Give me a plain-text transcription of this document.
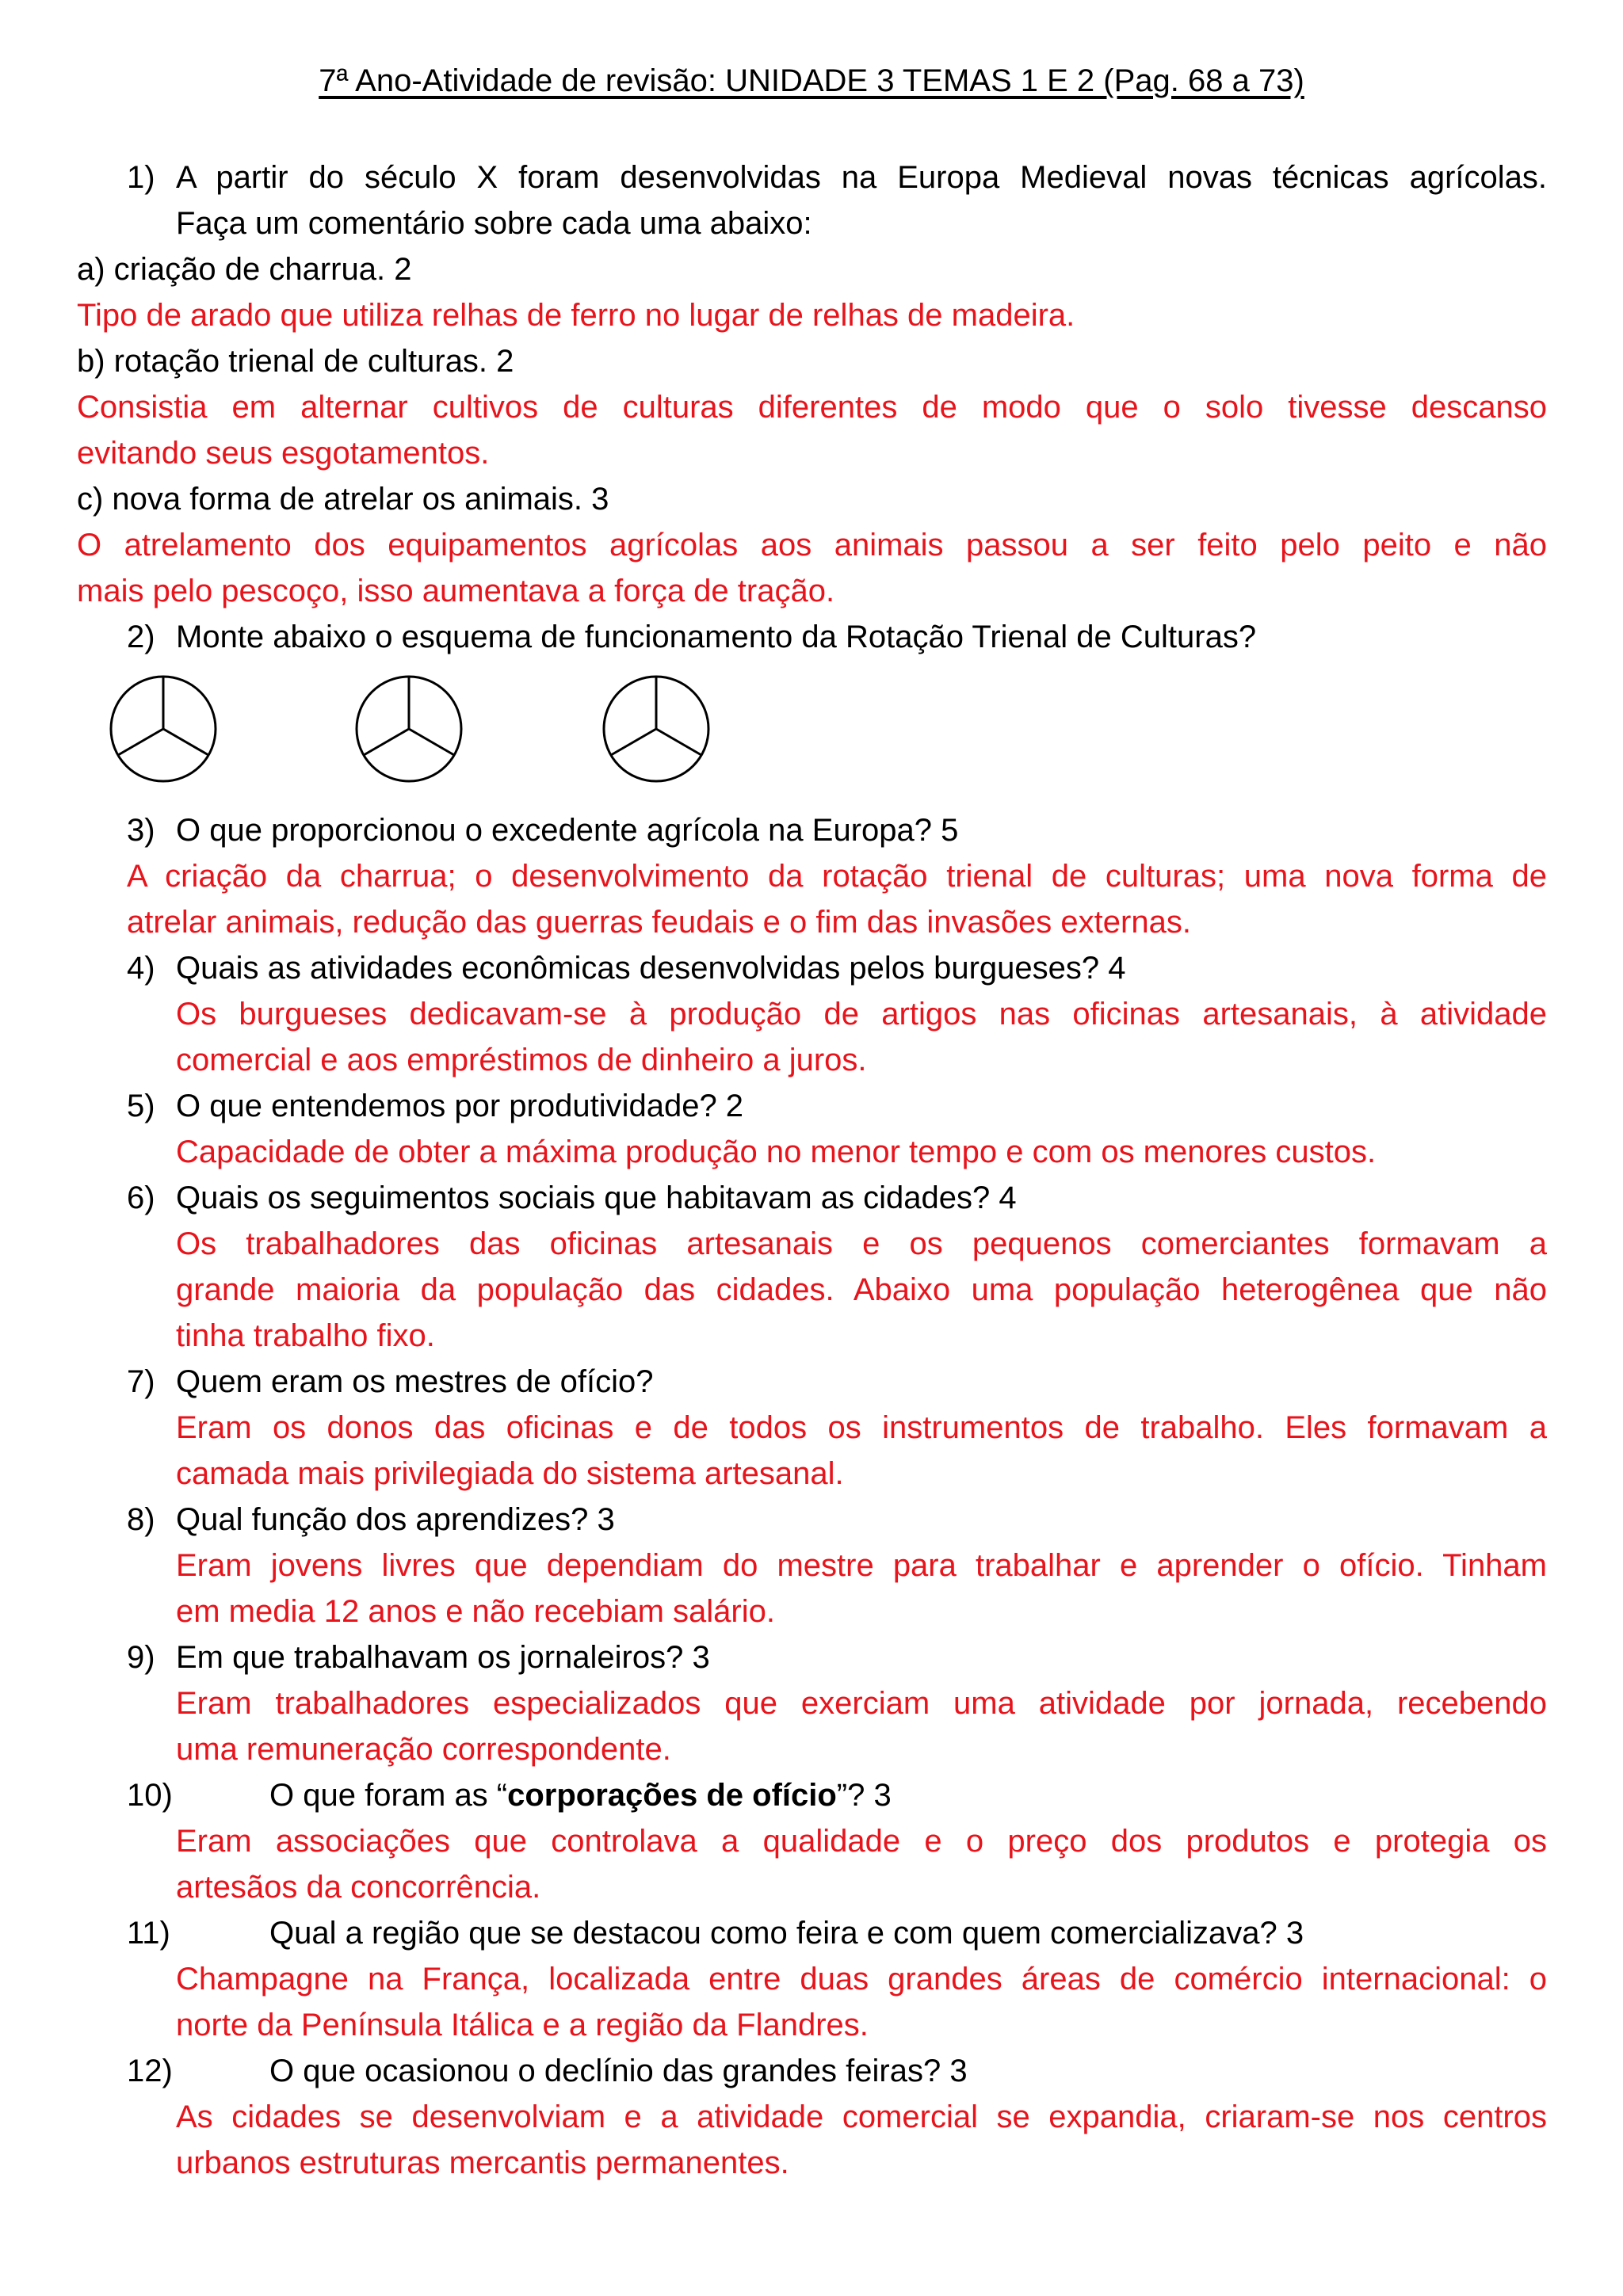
7ª Ano-Atividade de revisão: UNIDADE 3 TEMAS 1 E 2 (Pag. 68 a 73)
1) A partir do século X foram desenvolvidas na Europa Medieval novas técnicas agrícolas.
Faça um comentário sobre cada uma abaixo:
a) criação de charrua. 2
Tipo de arado que utiliza relhas de ferro no lugar de relhas de madeira.
b) rotação trienal de culturas. 2
Consistia em alternar cultivos de culturas diferentes de modo que o solo tivesse descanso
evitando seus esgotamentos.
c) nova forma de atrelar os animais. 3
O atrelamento dos equipamentos agrícolas aos animais passou a ser feito pelo peito e não
mais pelo pescoço, isso aumentava a força de tração.
2) Monte abaixo o esquema de funcionamento da Rotação Trienal de Culturas?
3) O que proporcionou o excedente agrícola na Europa? 5
A criação da charrua; o desenvolvimento da rotação trienal de culturas; uma nova forma de
atrelar animais, redução das guerras feudais e o fim das invasões externas.
4) Quais as atividades econômicas desenvolvidas pelos burgueses? 4
Os burgueses dedicavam-se à produção de artigos nas oficinas artesanais, à atividade
comercial e aos empréstimos de dinheiro a juros.
5) O que entendemos por produtividade? 2
Capacidade de obter a máxima produção no menor tempo e com os menores custos.
6) Quais os seguimentos sociais que habitavam as cidades? 4
Os trabalhadores das oficinas artesanais e os pequenos comerciantes formavam a
grande maioria da população das cidades. Abaixo uma população heterogênea que não
tinha trabalho fixo.
7) Quem eram os mestres de ofício?
Eram os donos das oficinas e de todos os instrumentos de trabalho. Eles formavam a
camada mais privilegiada do sistema artesanal.
8) Qual função dos aprendizes? 3
Eram jovens livres que dependiam do mestre para trabalhar e aprender o ofício. Tinham
em media 12 anos e não recebiam salário.
9) Em que trabalhavam os jornaleiros? 3
Eram trabalhadores especializados que exerciam uma atividade por jornada, recebendo
uma remuneração correspondente.
10)	O que foram as “corporações de ofício”? 3
Eram associações que controlava a qualidade e o preço dos produtos e protegia os
artesãos da concorrência.
11)	Qual a região que se destacou como feira e com quem comercializava? 3
Champagne na França, localizada entre duas grandes áreas de comércio internacional: o
norte da Península Itálica e a região da Flandres.
12)	O que ocasionou o declínio das grandes feiras? 3
As cidades se desenvolviam e a atividade comercial se expandia, criaram-se nos centros
urbanos estruturas mercantis permanentes.
